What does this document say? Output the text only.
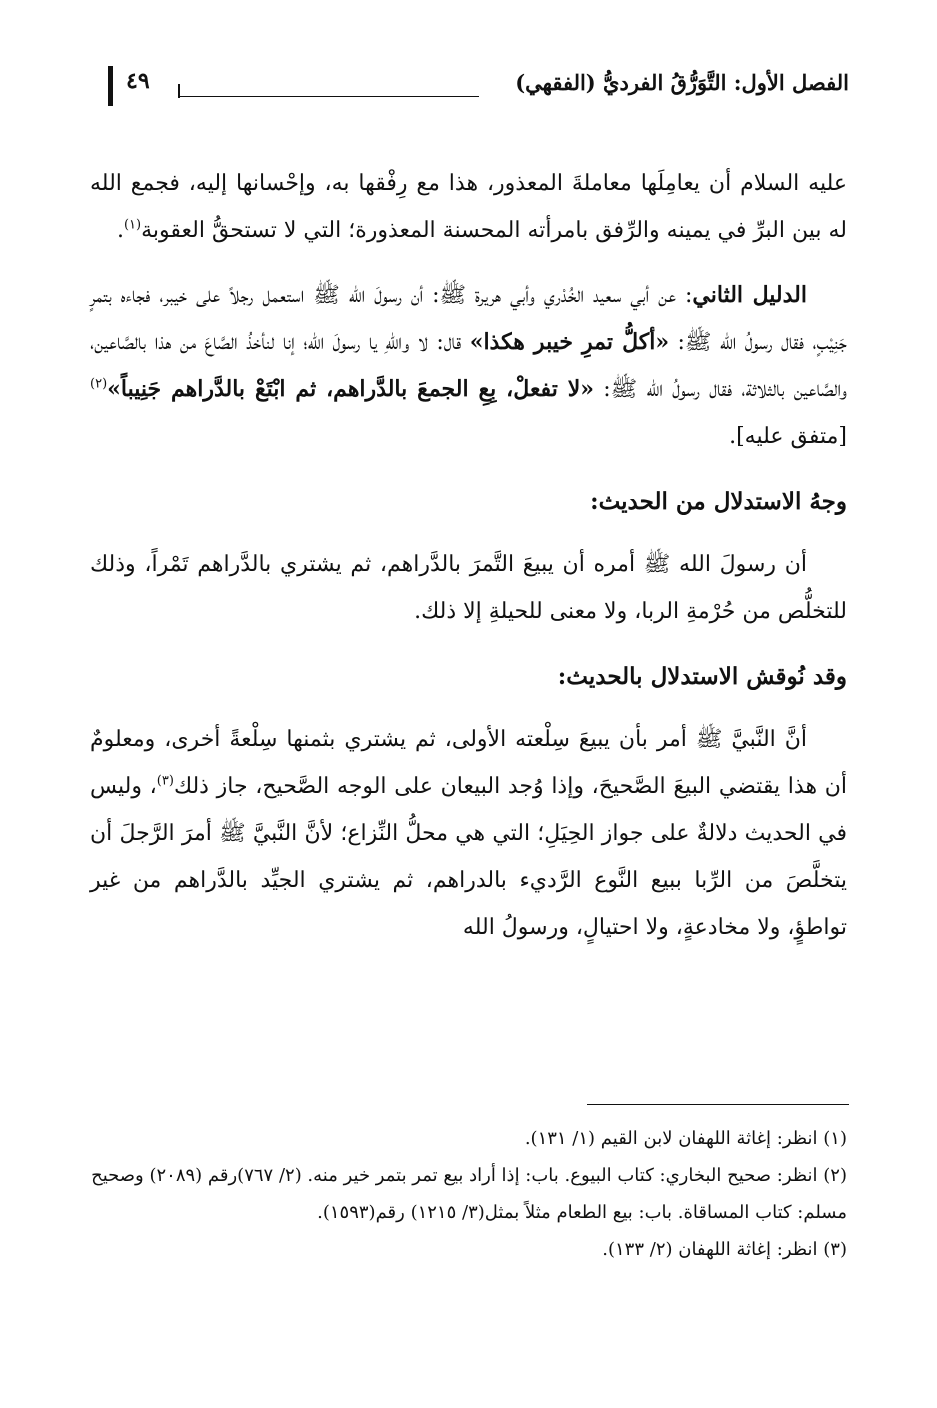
الفصل الأول: التَّوَرُّقُ الفرديُّ (الفقهي)
٤٩

عليه السلام أن يعامِلَها معاملةَ المعذور، هذا مع رِفْقها به، وإحْسانها إليه، فجمع الله له بين البرِّ في يمينه والرِّفق بامرأته المحسنة المعذورة؛ التي لا تستحقُّ العقوبة$^{(١)}$.

الدليل الثاني: عن أبي سعيد الخُدْري وأبي هريرة ﷺ: أن رسولَ الله ﷺ استعمل رجلاً على خيبر، فجاءه بتمرٍ جَنِيْبٍ، فقال رسولُ الله ﷺ: «أكلُّ تمرِ خيبر هكذا» قال: لا واللهِ يا رسولَ الله؛ إنا لنأخذُ الصَّاعَ من هذا بالصَّاعين، والصَّاعين بالثلاثة، فقال رسولُ الله ﷺ: «لا تفعلْ، بِعِ الجمعَ بالدَّراهم، ثم ابْتَعْ بالدَّراهم جَنِيباً»$^{(٢)}$ [متفق عليه].

وجهُ الاستدلال من الحديث:

أن رسولَ الله ﷺ أمره أن يبيعَ التَّمرَ بالدَّراهم، ثم يشتري بالدَّراهم تَمْراً، وذلك للتخلُّص من حُرْمةِ الربا، ولا معنى للحيلةِ إلا ذلك.

وقد نُوقش الاستدلال بالحديث:

أنَّ النَّبيَّ ﷺ أمر بأن يبيعَ سِلْعته الأولى، ثم يشتري بثمنها سِلْعةً أخرى، ومعلومٌ أن هذا يقتضي البيعَ الصَّحيحَ، وإذا وُجد البيعان على الوجه الصَّحيح، جاز ذلك$^{(٣)}$، وليس في الحديث دلالةٌ على جواز الحِيَلِ؛ التي هي محلُّ النِّزاع؛ لأنَّ النَّبيَّ ﷺ أمرَ الرَّجلَ أن يتخلَّصَ من الرِّبا ببيع النَّوع الرَّديء بالدراهم، ثم يشتري الجيِّد بالدَّراهم من غير تواطؤٍ، ولا مخادعةٍ، ولا احتيالٍ، ورسولُ الله

(١) انظر: إغاثة اللهفان لابن القيم (١/ ١٣١).

(٢) انظر: صحيح البخاري: كتاب البيوع. باب: إذا أراد بيع تمر بتمر خير منه. (٢/ ٧٦٧)رقم (٢٠٨٩) وصحيح مسلم: كتاب المساقاة. باب: بيع الطعام مثلاً بمثل(٣/ ١٢١٥) رقم(١٥٩٣).

(٣) انظر: إغاثة اللهفان (٢/ ١٣٣).
